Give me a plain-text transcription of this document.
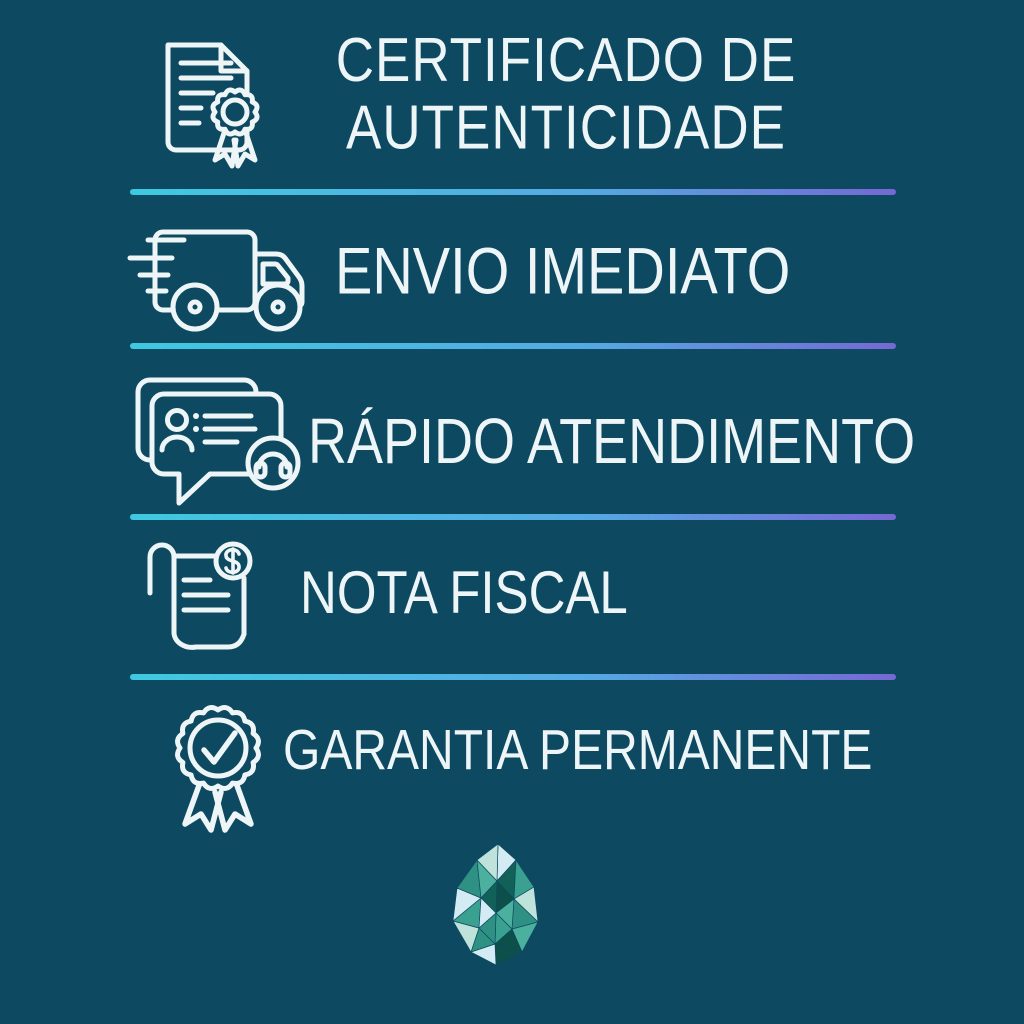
CERTIFICADO DE
AUTENTICIDADE
ENVIO IMEDIATO
RÁPIDO ATENDIMENTO
NOTA FISCAL
GARANTIA PERMANENTE
